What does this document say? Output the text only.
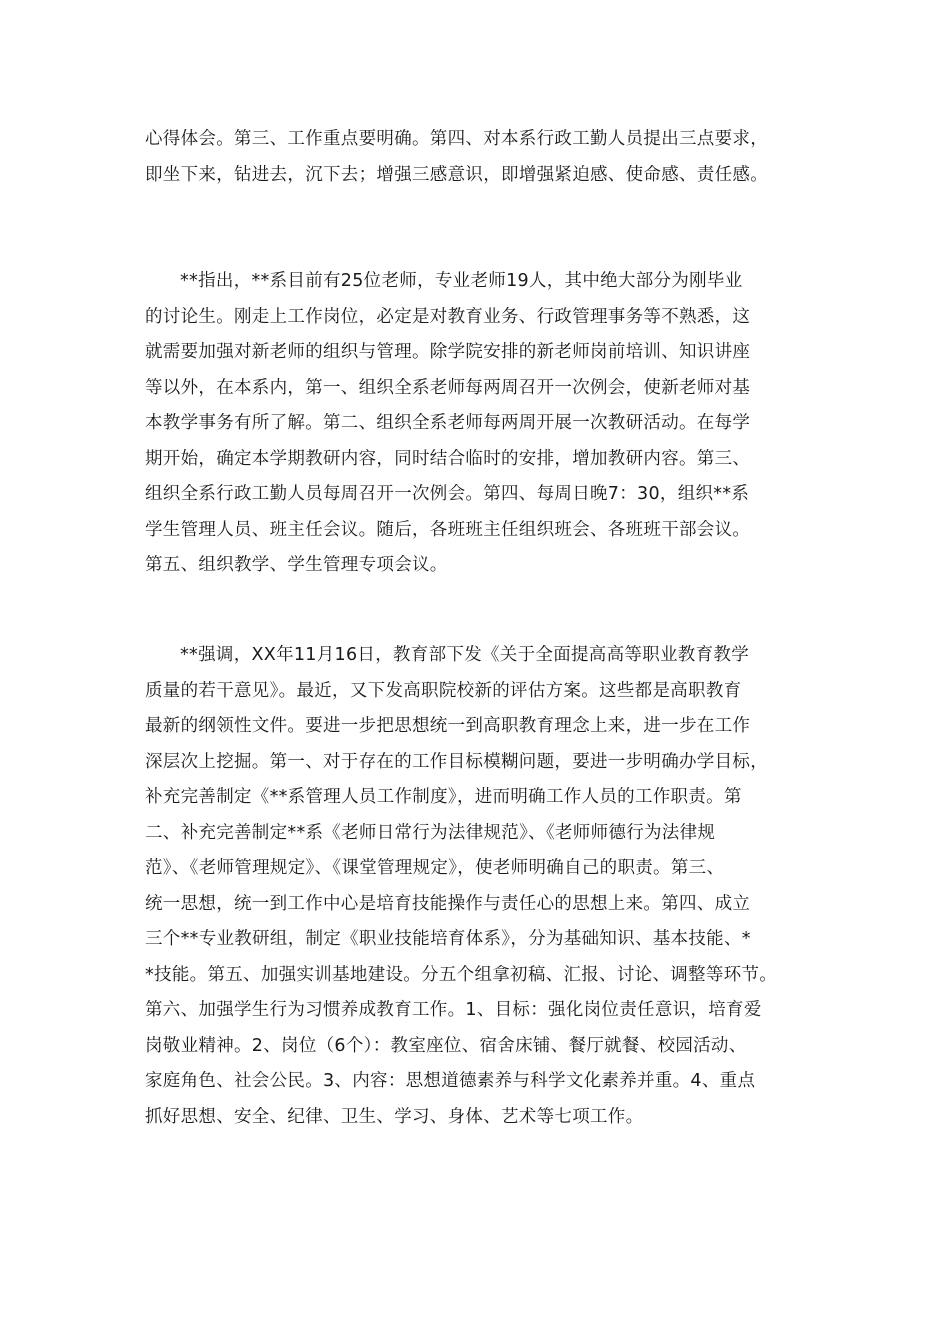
心得体会。第三、工作重点要明确。第四、对本系行政工勤人员提出三点要求，
即坐下来，钻进去，沉下去；增强三感意识，即增强紧迫感、使命感、责任感。
**指出，**系目前有25位老师，专业老师19人，其中绝大部分为刚毕业
的讨论生。刚走上工作岗位，必定是对教育业务、行政管理事务等不熟悉，这
就需要加强对新老师的组织与管理。除学院安排的新老师岗前培训、知识讲座
等以外，在本系内，第一、组织全系老师每两周召开一次例会，使新老师对基
本教学事务有所了解。第二、组织全系老师每两周开展一次教研活动。在每学
期开始，确定本学期教研内容，同时结合临时的安排，增加教研内容。第三、
组织全系行政工勤人员每周召开一次例会。第四、每周日晚7：30，组织**系
学生管理人员、班主任会议。随后，各班班主任组织班会、各班班干部会议。
第五、组织教学、学生管理专项会议。
**强调，XX年11月16日，教育部下发《关于全面提高高等职业教育教学
质量的若干意见》。最近，又下发高职院校新的评估方案。这些都是高职教育
最新的纲领性文件。要进一步把思想统一到高职教育理念上来，进一步在工作
深层次上挖掘。第一、对于存在的工作目标模糊问题，要进一步明确办学目标，
补充完善制定《**系管理人员工作制度》，进而明确工作人员的工作职责。第
二、补充完善制定**系《老师日常行为法律规范》、《老师师德行为法律规
范》、《老师管理规定》、《课堂管理规定》，使老师明确自己的职责。第三、
统一思想，统一到工作中心是培育技能操作与责任心的思想上来。第四、成立
三个**专业教研组，制定《职业技能培育体系》，分为基础知识、基本技能、*
*技能。第五、加强实训基地建设。分五个组拿初稿、汇报、讨论、调整等环节。
第六、加强学生行为习惯养成教育工作。1、目标：强化岗位责任意识，培育爱
岗敬业精神。2、岗位（6个）：教室座位、宿舍床铺、餐厅就餐、校园活动、
家庭角色、社会公民。3、内容：思想道德素养与科学文化素养并重。4、重点
抓好思想、安全、纪律、卫生、学习、身体、艺术等七项工作。
